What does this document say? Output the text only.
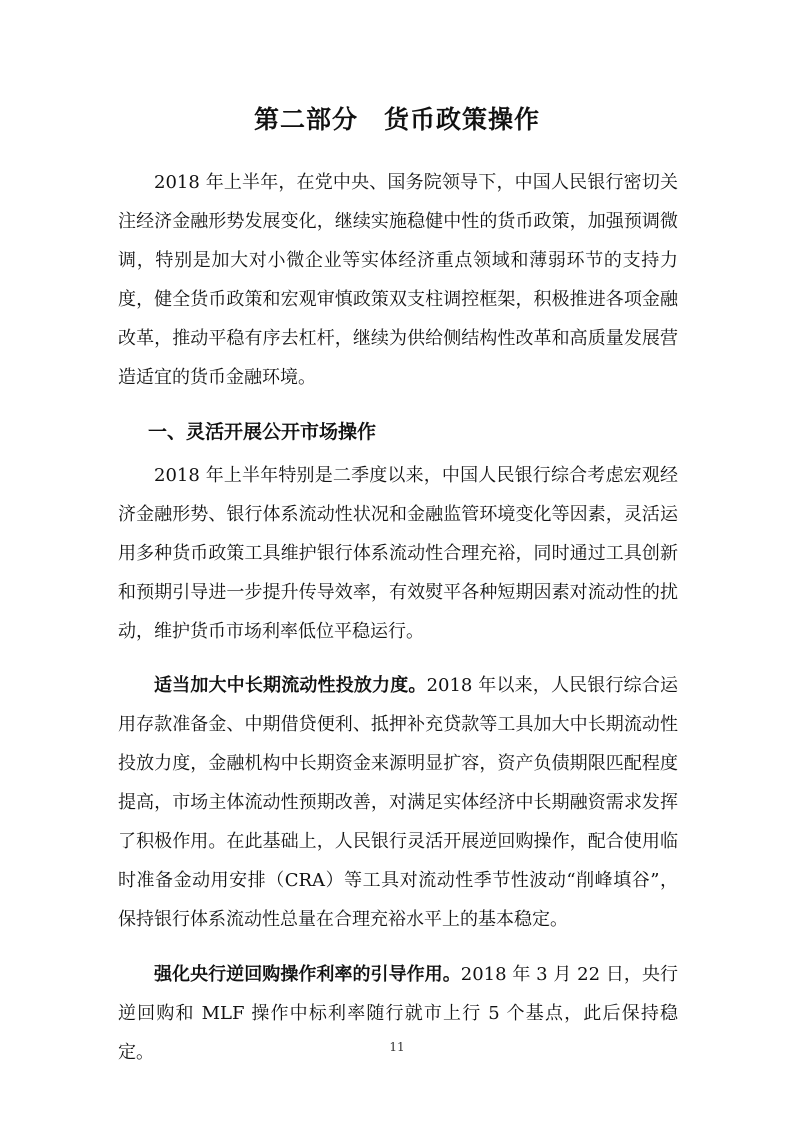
第二部分　货币政策操作

2018 年上半年，在党中央、国务院领导下，中国人民银行密切关注经济金融形势发展变化，继续实施稳健中性的货币政策，加强预调微调，特别是加大对小微企业等实体经济重点领域和薄弱环节的支持力度，健全货币政策和宏观审慎政策双支柱调控框架，积极推进各项金融改革，推动平稳有序去杠杆，继续为供给侧结构性改革和高质量发展营造适宜的货币金融环境。

一、灵活开展公开市场操作

2018 年上半年特别是二季度以来，中国人民银行综合考虑宏观经济金融形势、银行体系流动性状况和金融监管环境变化等因素，灵活运用多种货币政策工具维护银行体系流动性合理充裕，同时通过工具创新和预期引导进一步提升传导效率，有效熨平各种短期因素对流动性的扰动，维护货币市场利率低位平稳运行。

适当加大中长期流动性投放力度。2018 年以来，人民银行综合运用存款准备金、中期借贷便利、抵押补充贷款等工具加大中长期流动性投放力度，金融机构中长期资金来源明显扩容，资产负债期限匹配程度提高，市场主体流动性预期改善，对满足实体经济中长期融资需求发挥了积极作用。在此基础上，人民银行灵活开展逆回购操作，配合使用临时准备金动用安排（CRA）等工具对流动性季节性波动“削峰填谷”，保持银行体系流动性总量在合理充裕水平上的基本稳定。

强化央行逆回购操作利率的引导作用。2018 年 3 月 22 日，央行逆回购和 MLF 操作中标利率随行就市上行 5 个基点，此后保持稳定。	11
